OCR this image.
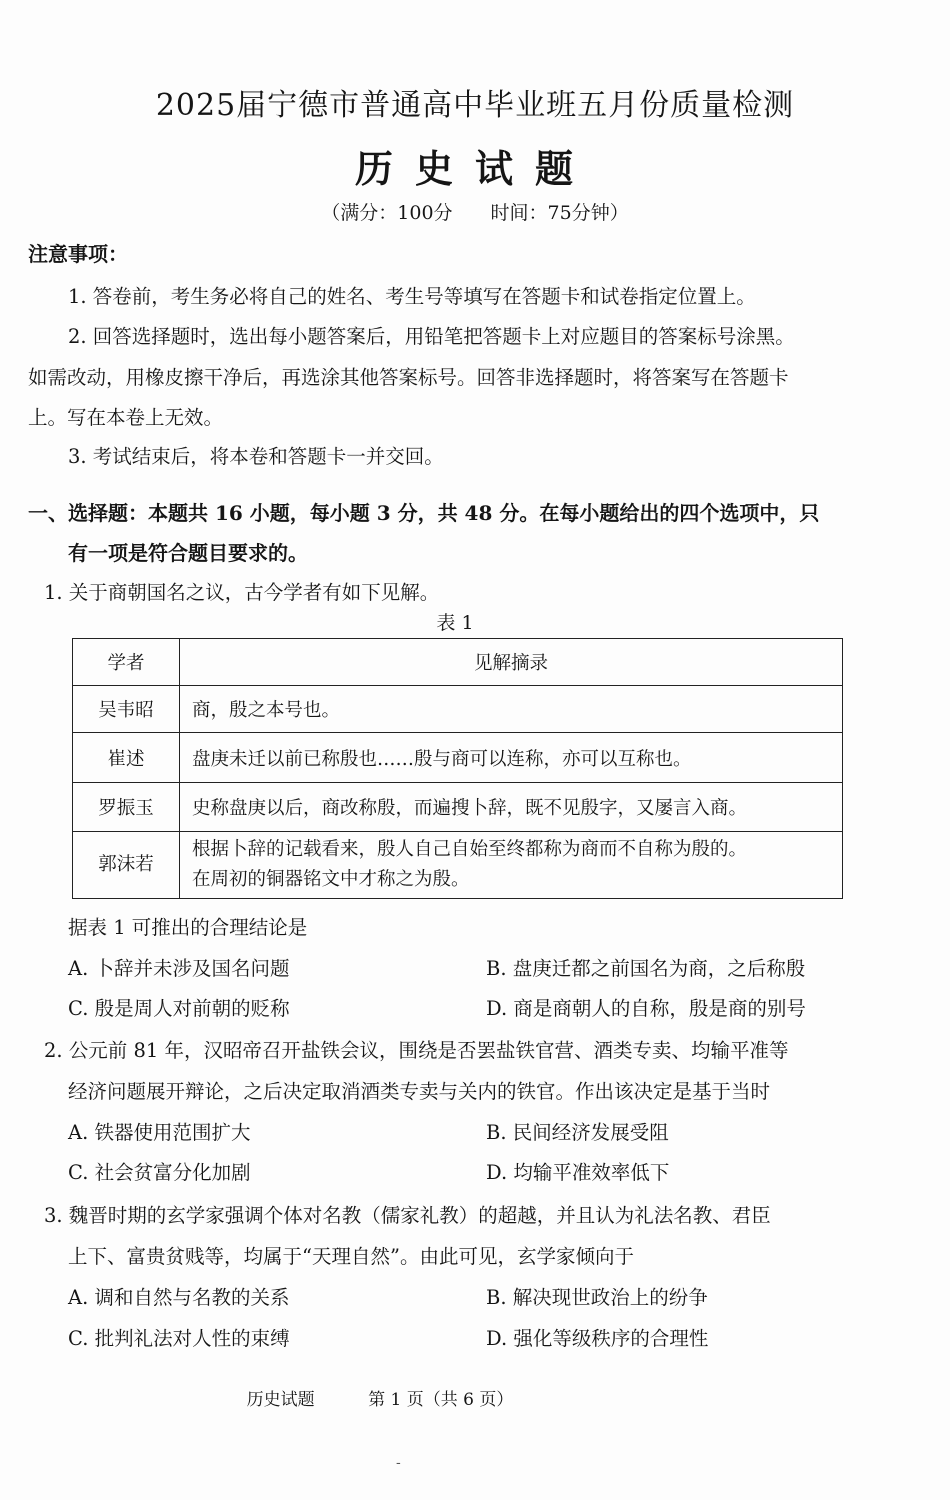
2025届宁德市普通高中毕业班五月份质量检测
历史试题
（满分：100分　　时间：75分钟）
注意事项：
1. 答卷前，考生务必将自己的姓名、考生号等填写在答题卡和试卷指定位置上。
2. 回答选择题时，选出每小题答案后，用铅笔把答题卡上对应题目的答案标号涂黑。
如需改动，用橡皮擦干净后，再选涂其他答案标号。回答非选择题时，将答案写在答题卡
上。写在本卷上无效。
3. 考试结束后，将本卷和答题卡一并交回。
一、选择题：本题共 16 小题，每小题 3 分，共 48 分。在每小题给出的四个选项中，只
有一项是符合题目要求的。
1. 关于商朝国名之议，古今学者有如下见解。
表 1
学者	见解摘录
吴韦昭	商，殷之本号也。
崔述	盘庚未迁以前已称殷也……殷与商可以连称，亦可以互称也。
罗振玉	史称盘庚以后，商改称殷，而遍搜卜辞，既不见殷字，又屡言入商。
郭沫若	根据卜辞的记载看来，殷人自己自始至终都称为商而不自称为殷的。
在周初的铜器铭文中才称之为殷。
据表 1 可推出的合理结论是
A. 卜辞并未涉及国名问题	B. 盘庚迁都之前国名为商，之后称殷
C. 殷是周人对前朝的贬称	D. 商是商朝人的自称，殷是商的别号
2. 公元前 81 年，汉昭帝召开盐铁会议，围绕是否罢盐铁官营、酒类专卖、均输平准等
经济问题展开辩论，之后决定取消酒类专卖与关内的铁官。作出该决定是基于当时
A. 铁器使用范围扩大	B. 民间经济发展受阻
C. 社会贫富分化加剧	D. 均输平准效率低下
3. 魏晋时期的玄学家强调个体对名教（儒家礼教）的超越，并且认为礼法名教、君臣
上下、富贵贫贱等，均属于“天理自然”。由此可见，玄学家倾向于
A. 调和自然与名教的关系	B. 解决现世政治上的纷争
C. 批判礼法对人性的束缚	D. 强化等级秩序的合理性
历史试题	第 1 页（共 6 页）
-
